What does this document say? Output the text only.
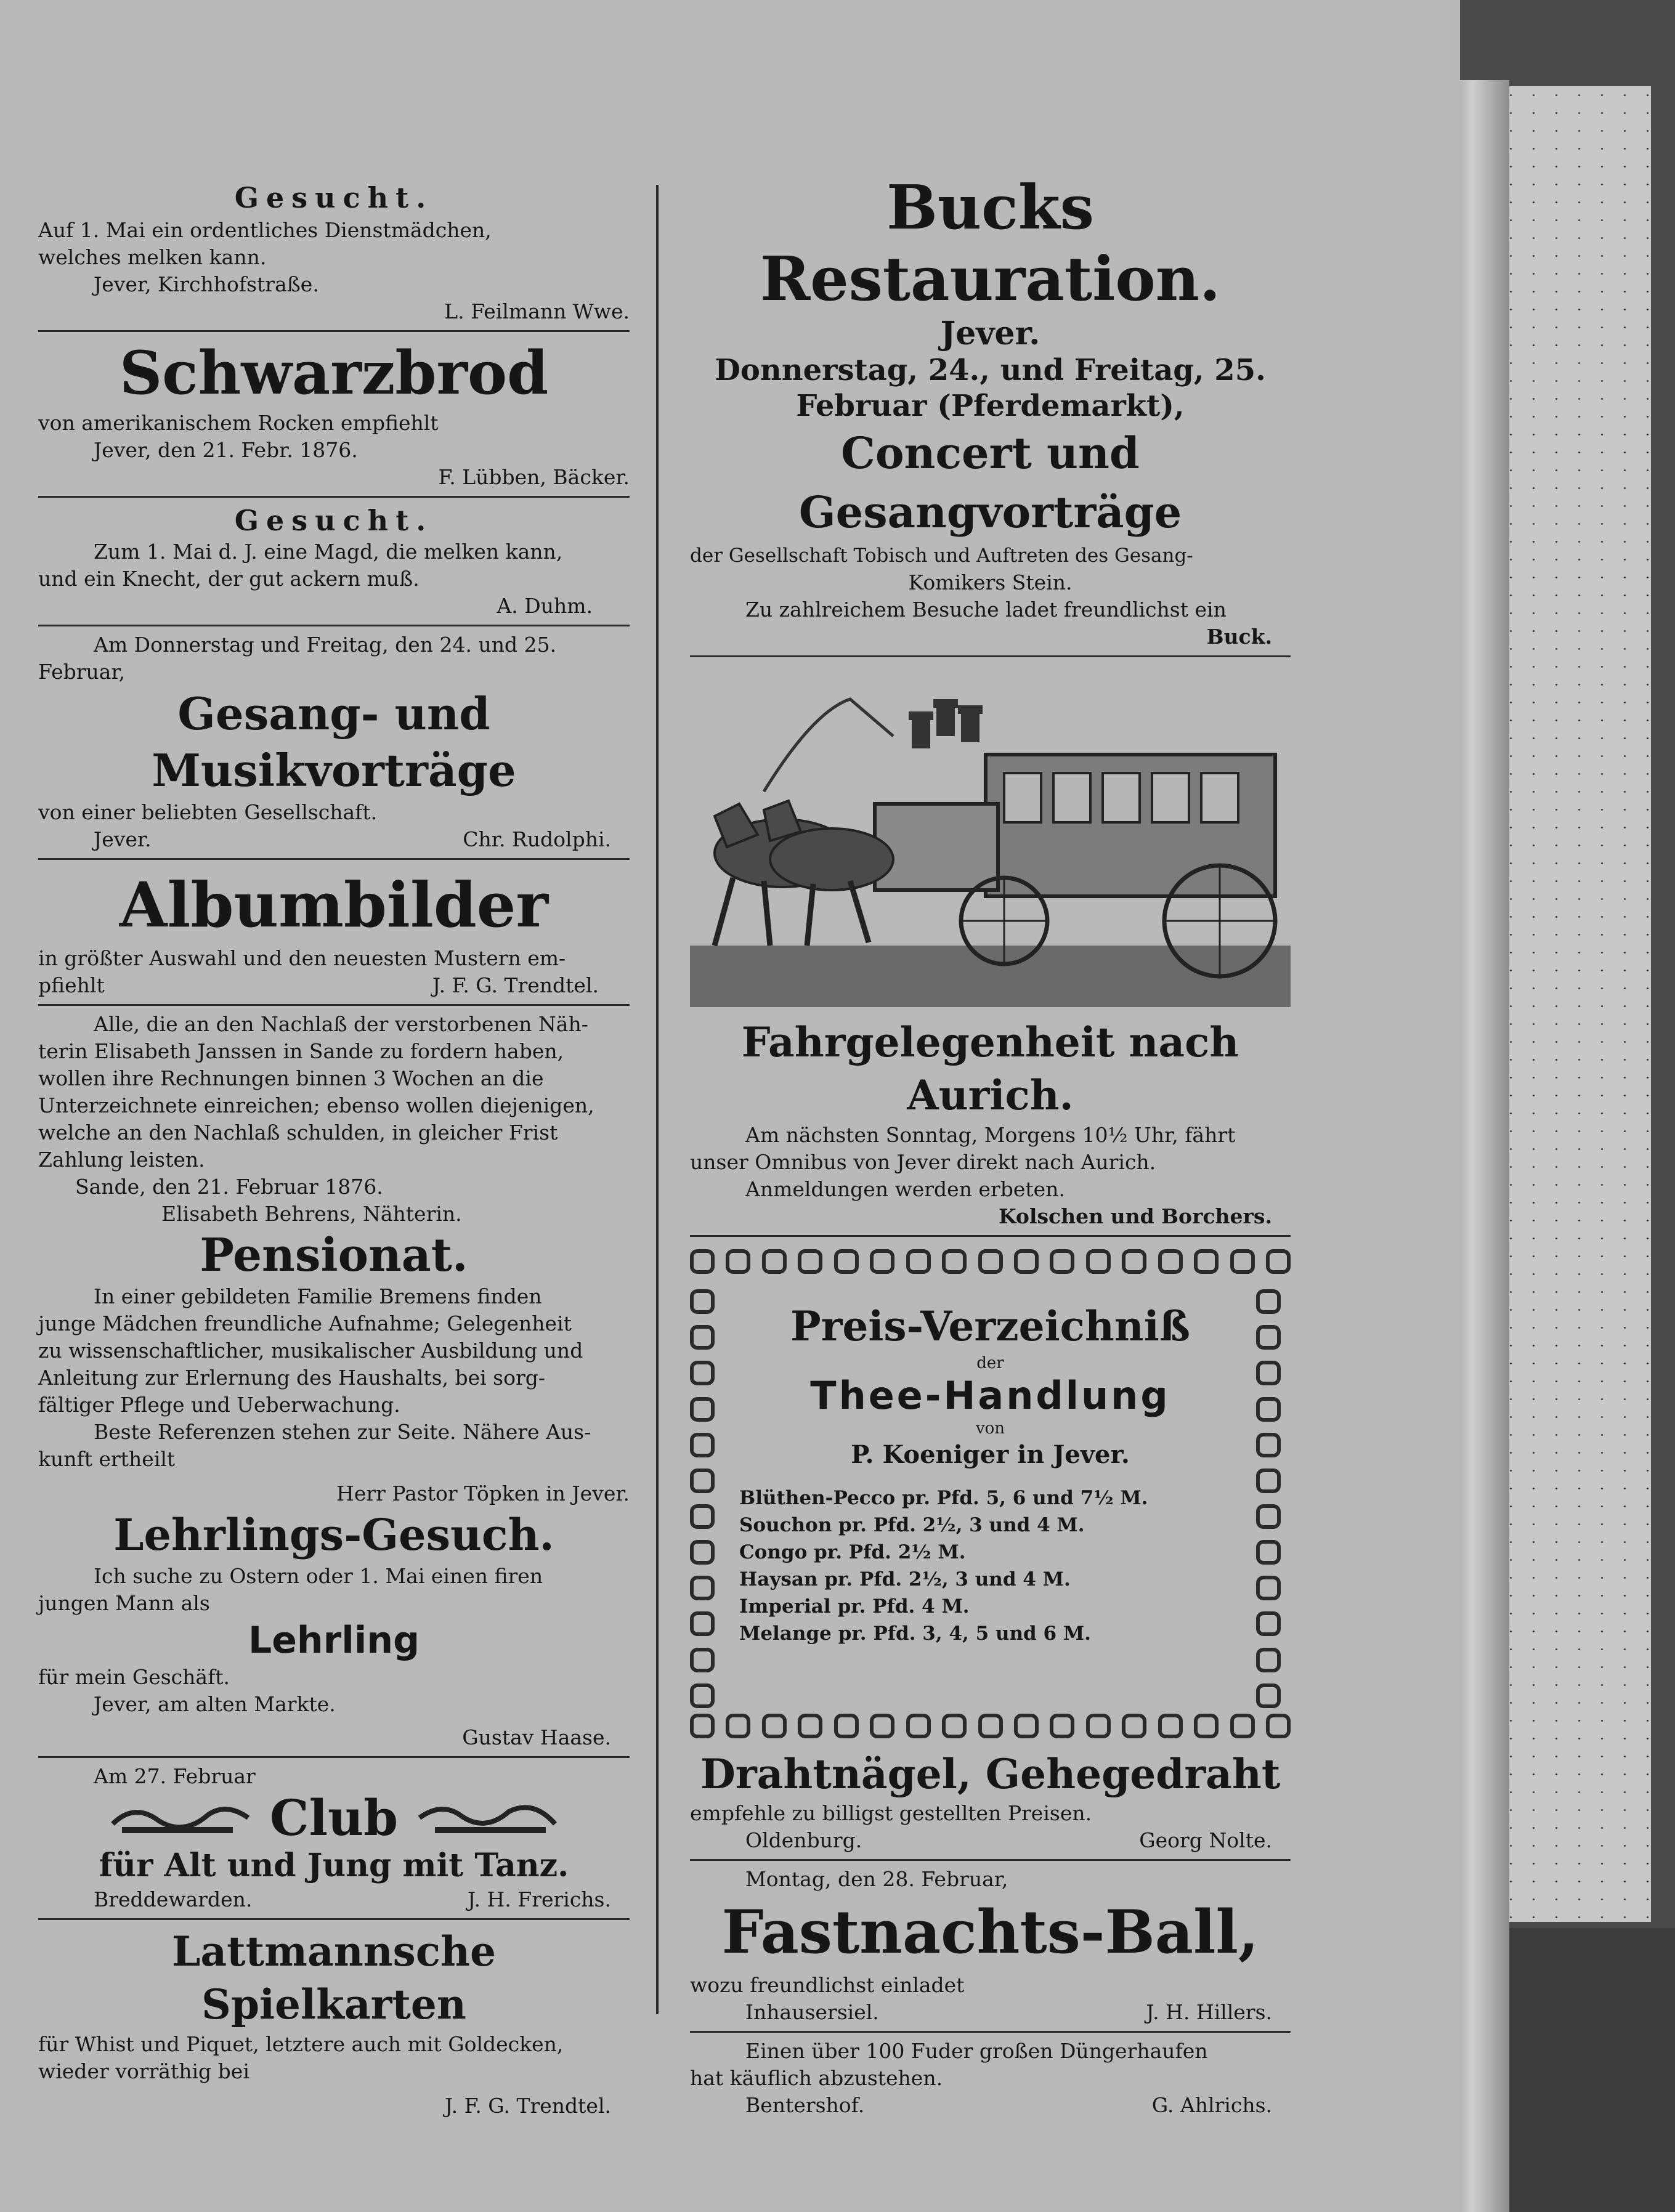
Gesucht.
Auf 1. Mai ein ordentliches Dienstmädchen,
welches melken kann.
Jever, Kirchhofstraße.
L. Feilmann Wwe.
Schwarzbrod
von amerikanischem Rocken empfiehlt
Jever, den 21. Febr. 1876.
F. Lübben, Bäcker.
Gesucht.
Zum 1. Mai d. J. eine Magd, die melken kann,
und ein Knecht, der gut ackern muß.
A. Duhm.
Am Donnerstag und Freitag, den 24. und 25.
Februar,
Gesang- und Musikvorträge
von einer beliebten Gesellschaft.
Jever.	Chr. Rudolphi.
Albumbilder
in größter Auswahl und den neuesten Mustern em-
pfiehlt	J. F. G. Trendtel.
Alle, die an den Nachlaß der verstorbenen Näh-
terin Elisabeth Janssen in Sande zu fordern haben,
wollen ihre Rechnungen binnen 3 Wochen an die
Unterzeichnete einreichen; ebenso wollen diejenigen,
welche an den Nachlaß schulden, in gleicher Frist
Zahlung leisten.
Sande, den 21. Februar 1876.
Elisabeth Behrens, Nähterin.
Pensionat.
In einer gebildeten Familie Bremens finden
junge Mädchen freundliche Aufnahme; Gelegenheit
zu wissenschaftlicher, musikalischer Ausbildung und
Anleitung zur Erlernung des Haushalts, bei sorg-
fältiger Pflege und Ueberwachung.
Beste Referenzen stehen zur Seite. Nähere Aus-
kunft ertheilt
Herr Pastor Töpken in Jever.
Lehrlings-Gesuch.
Ich suche zu Ostern oder 1. Mai einen firen
jungen Mann als
Lehrling
für mein Geschäft.
Jever, am alten Markte.
Gustav Haase.
Am 27. Februar
Club
für Alt und Jung mit Tanz.
Breddewarden.	J. H. Frerichs.
Lattmannsche Spielkarten
für Whist und Piquet, letztere auch mit Goldecken,
wieder vorräthig bei
J. F. G. Trendtel.
Bucks Restauration.
Jever.
Donnerstag, 24., und Freitag, 25.
Februar (Pferdemarkt),
Concert und Gesangvorträge
der Gesellschaft Tobisch und Auftreten des Gesang-
Komikers Stein.
Zu zahlreichem Besuche ladet freundlichst ein
Buck.
Fahrgelegenheit nach Aurich.
Am nächsten Sonntag, Morgens 10½ Uhr, fährt
unser Omnibus von Jever direkt nach Aurich.
Anmeldungen werden erbeten.
Kolschen und Borchers.
Preis-Verzeichniß
der
Thee-Handlung
von
P. Koeniger in Jever.
Blüthen-Pecco pr. Pfd. 5, 6 und 7½ M.
Souchon pr. Pfd. 2½, 3 und 4 M.
Congo pr. Pfd. 2½ M.
Haysan pr. Pfd. 2½, 3 und 4 M.
Imperial pr. Pfd. 4 M.
Melange pr. Pfd. 3, 4, 5 und 6 M.
Drahtnägel, Gehegedraht
empfehle zu billigst gestellten Preisen.
Oldenburg.	Georg Nolte.
Montag, den 28. Februar,
Fastnachts-Ball,
wozu freundlichst einladet
Inhausersiel.	J. H. Hillers.
Einen über 100 Fuder großen Düngerhaufen
hat käuflich abzustehen.
Bentershof.	G. Ahlrichs.
